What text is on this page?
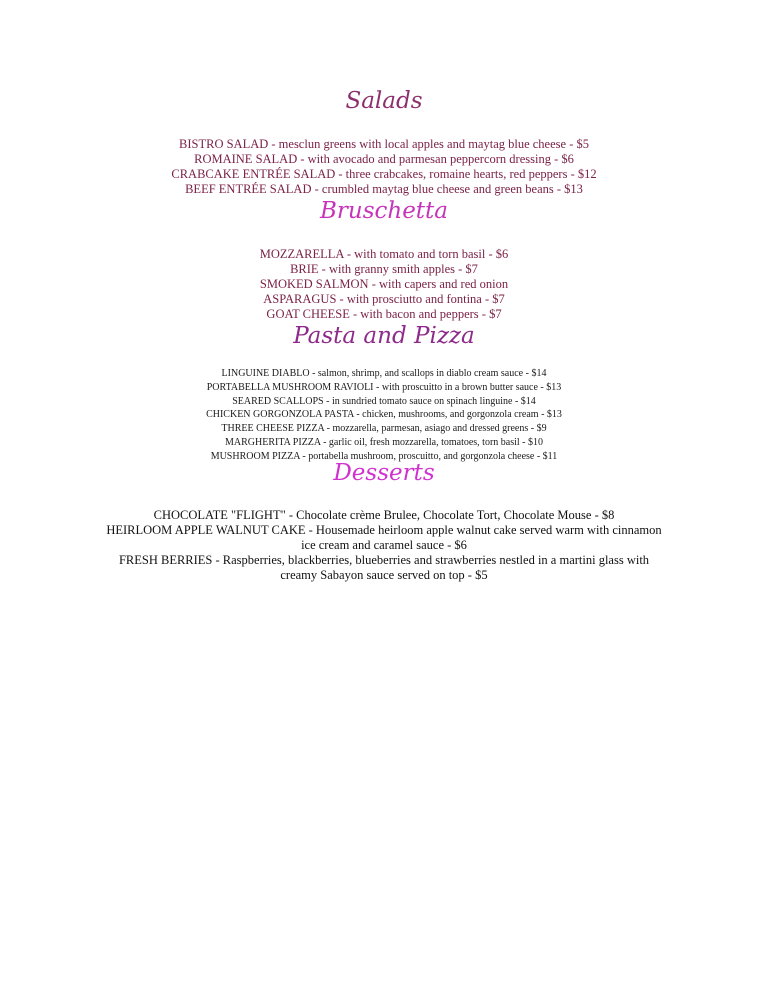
Salads
BISTRO SALAD - mesclun greens with local apples and maytag blue cheese - $5
ROMAINE SALAD - with avocado and parmesan peppercorn dressing - $6
CRABCAKE ENTRÉE SALAD - three crabcakes, romaine hearts, red peppers - $12
BEEF ENTRÉE SALAD - crumbled maytag blue cheese and green beans - $13
Bruschetta
MOZZARELLA - with tomato and torn basil - $6
BRIE - with granny smith apples - $7
SMOKED SALMON - with capers and red onion
ASPARAGUS - with prosciutto and fontina - $7
GOAT CHEESE - with bacon and peppers - $7
Pasta and Pizza
LINGUINE DIABLO - salmon, shrimp, and scallops in diablo cream sauce - $14
PORTABELLA MUSHROOM RAVIOLI - with proscuitto in a brown butter sauce - $13
SEARED SCALLOPS - in sundried tomato sauce on spinach linguine - $14
CHICKEN GORGONZOLA PASTA - chicken, mushrooms, and gorgonzola cream - $13
THREE CHEESE PIZZA - mozzarella, parmesan, asiago and dressed greens - $9
MARGHERITA PIZZA - garlic oil, fresh mozzarella, tomatoes, torn basil - $10
MUSHROOM PIZZA - portabella mushroom, proscuitto, and gorgonzola cheese - $11
Desserts
CHOCOLATE "FLIGHT" - Chocolate crème Brulee, Chocolate Tort, Chocolate Mouse - $8
HEIRLOOM APPLE WALNUT CAKE - Housemade heirloom apple walnut cake served warm with cinnamon ice cream and caramel sauce - $6
FRESH BERRIES - Raspberries, blackberries, blueberries and strawberries nestled in a martini glass with creamy Sabayon sauce served on top - $5
